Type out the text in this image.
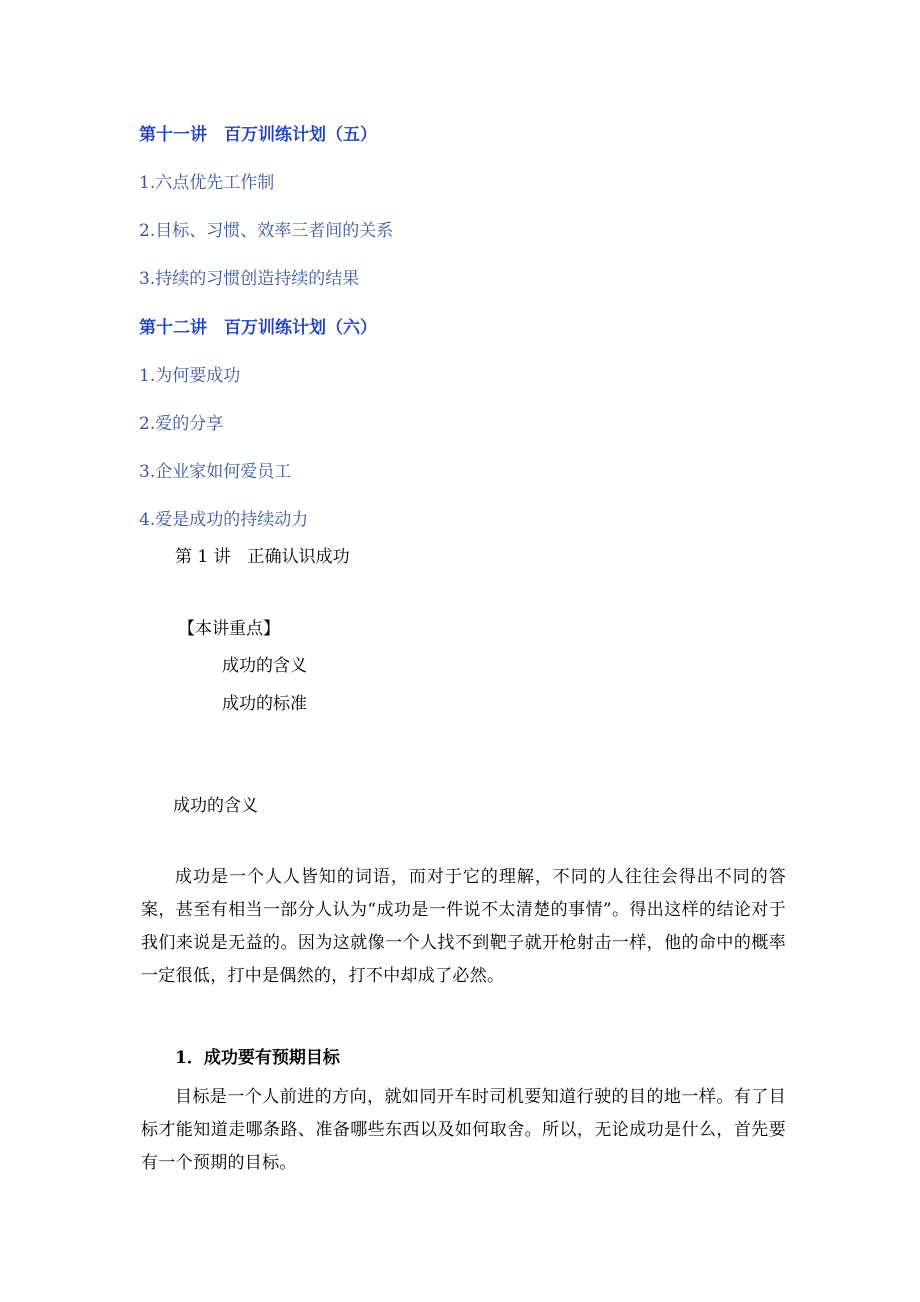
第十一讲　百万训练计划（五）
1.六点优先工作制
2.目标、习惯、效率三者间的关系
3.持续的习惯创造持续的结果
第十二讲　百万训练计划（六）
1.为何要成功
2.爱的分享
3.企业家如何爱员工
4.爱是成功的持续动力
第 1 讲　正确认识成功
【本讲重点】
成功的含义
成功的标准
成功的含义
成功是一个人人皆知的词语，而对于它的理解，不同的人往往会得出不同的答案，甚至有相当一部分人认为“成功是一件说不太清楚的事情”。得出这样的结论对于我们来说是无益的。因为这就像一个人找不到靶子就开枪射击一样，他的命中的概率一定很低，打中是偶然的，打不中却成了必然。
1．成功要有预期目标
目标是一个人前进的方向，就如同开车时司机要知道行驶的目的地一样。有了目标才能知道走哪条路、准备哪些东西以及如何取舍。所以，无论成功是什么，首先要有一个预期的目标。
